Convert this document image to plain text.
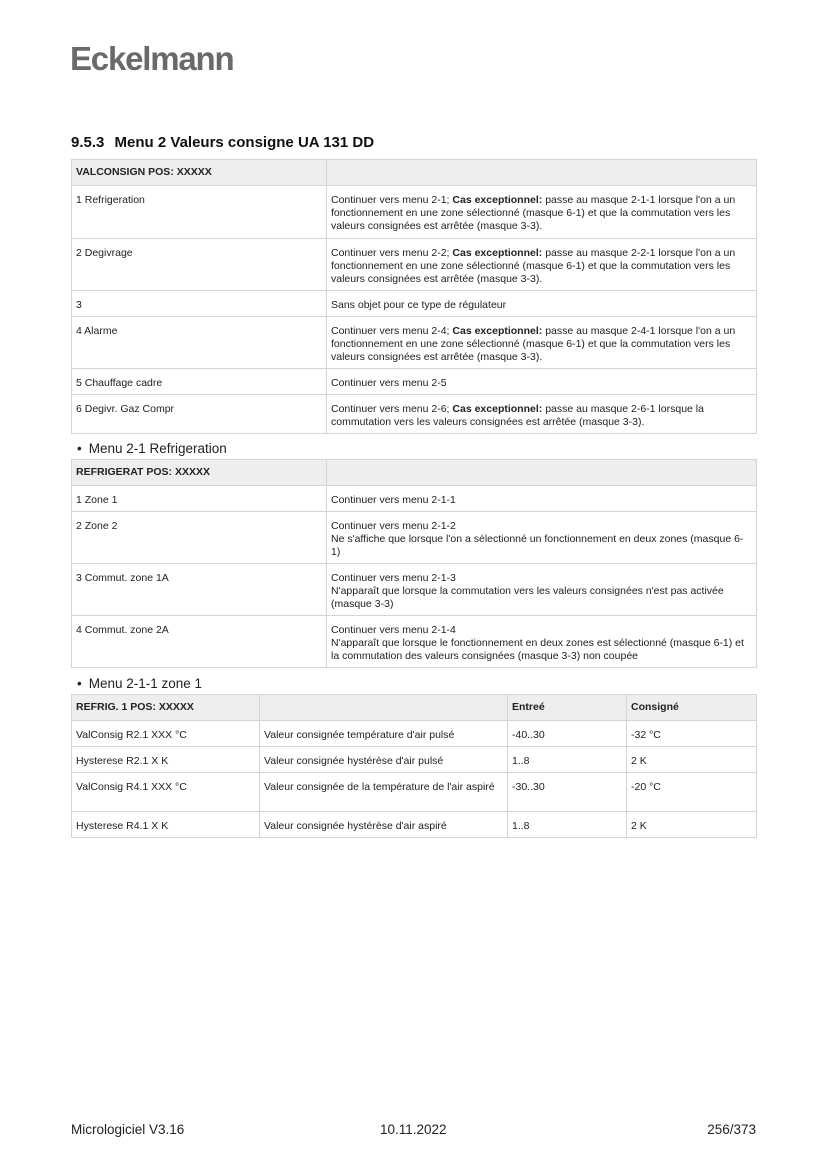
Eckelmann
9.5.3 Menu 2 Valeurs consigne UA 131 DD
VALCONSIGN POS: XXXXX	
1 Refrigeration	Continuer vers menu 2-1; Cas exceptionnel: passe au masque 2-1-1 lorsque l'on a un fonctionnement en une zone sélectionné (masque 6-1) et que la commutation vers les valeurs consignées est arrêtée (masque 3-3).
2 Degivrage	Continuer vers menu 2-2; Cas exceptionnel: passe au masque 2-2-1 lorsque l'on a un fonctionnement en une zone sélectionné (masque 6-1) et que la commutation vers les valeurs consignées est arrêtée (masque 3-3).
3	Sans objet pour ce type de régulateur
4 Alarme	Continuer vers menu 2-4; Cas exceptionnel: passe au masque 2-4-1 lorsque l'on a un fonctionnement en une zone sélectionné (masque 6-1) et que la commutation vers les valeurs consignées est arrêtée (masque 3-3).
5 Chauffage cadre	Continuer vers menu 2-5
6 Degivr. Gaz Compr	Continuer vers menu 2-6; Cas exceptionnel: passe au masque 2-6-1 lorsque la commutation vers les valeurs consignées est arrêtée (masque 3-3).
• Menu 2-1 Refrigeration
REFRIGERAT POS: XXXXX	
1 Zone 1	Continuer vers menu 2-1-1

2 Zone 2	Continuer vers menu 2-1-2
Ne s'affiche que lorsque l'on a sélectionné un fonctionnement en deux zones (masque 6-1)

3 Commut. zone 1A	Continuer vers menu 2-1-3
N'apparaît que lorsque la commutation vers les valeurs consignées n'est pas activée (masque 3-3)

4 Commut. zone 2A	Continuer vers menu 2-1-4
N'apparaît que lorsque le fonctionnement en deux zones est sélectionné (masque 6-1) et la commutation des valeurs consignées (masque 3-3) non coupée
• Menu 2-1-1 zone 1
REFRIG. 1 POS: XXXXX		Entreé	Consigné
ValConsig R2.1 XXX °C	Valeur consignée température d'air pulsé	-40..30	-32 °C
Hysterese R2.1 X K	Valeur consignée hystérèse d'air pulsé	1..8	2 K
ValConsig R4.1 XXX °C	Valeur consignée de la température de l'air aspiré	-30..30	-20 °C
Hysterese R4.1 X K	Valeur consignée hystérèse d'air aspiré	1..8	2 K
Micrologiciel V3.16	10.11.2022	256/373
